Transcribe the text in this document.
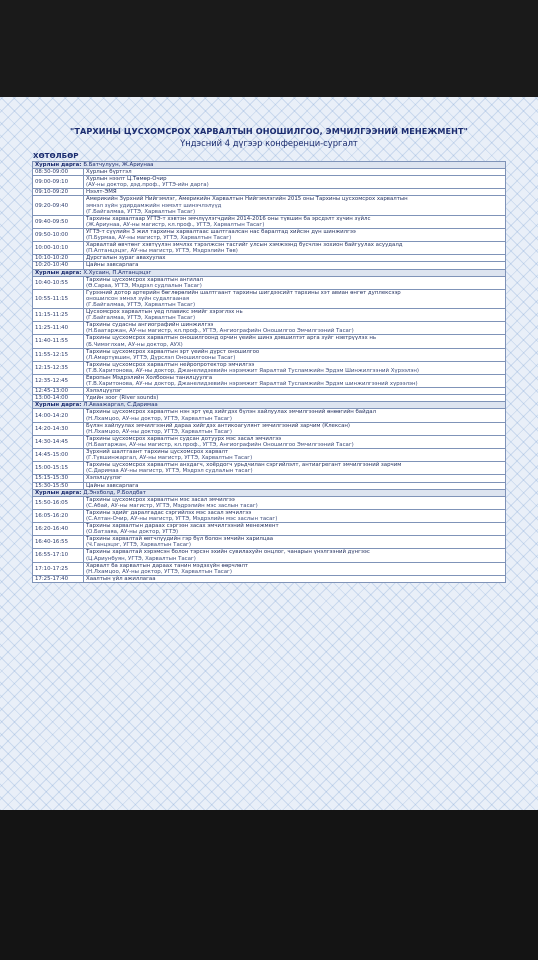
"ТАРХИНЫ ЦУСХОМСРОХ ХАРВАЛТЫН ОНОШИЛГОО, ЭМЧИЛГЭЭНИЙ МЕНЕЖМЕНТ"
Үндэсний 4 дүгээр конференци-сургалт
ХӨТӨЛБӨР
Хурлын дарга: Б.Батчулуун, Ж.Ариунаа	
08:30-09:00	Хурлын бүртгэл

09:00-09:10	Хурлын нээлт Ц.Төмөр-Очир
(АУ-ны доктор, дэд.проф., УГТЭ-ийн дарга)

09:10-09:20	Нээлт-ЭМЯ

09:20-09:40	Америкийн Зүрхний Нийгэмлэг, Америкийн Харвалтын Нийгэмлэгийн 2015 оны Тархины цусхомсрох харвалтын
эмнэл зүйн удирдамжийн нэмэлт шинэчлэлүүд
(Г.Байгалмаа, УГТЭ, Харвалтын Тасаг)

09:40-09:50	Тархины харвалтаар УГТЭ-т хэвтэн эмчлүүлэгчдийн 2014-2016 оны түвшин ба эрсдэлт хүчин зүйлс
(Ж.Ариунаа, АУ-ны магистр, кл.проф., УГТЭ, Харвалтын Тасаг)

09:50-10:00	УГТЭ-т сүүлийн 3 жил тархины харвалтаас шалтгаалсан нас баралтад хийсэн дүн шинжилгээ
(П.Бурмаа, АУ-ны магистр, УГТЭ, Харвалтын Тасаг)

10:00-10:10	Харвалтай өвчтөнг хэвтүүлэн эмчлэх тэрэлжсэн тасгийг улсын хэмжээнд бүсчлэн зохион байгуулах асуудалд
(П.Алтанцэцэг, АУ-ны магистр, УГТЭ, Мэдрэлийн Төв)

10:10-10:20	Дурсгалын зураг авахуулах

10:20-10:40	Цайны завсарлага

Хурлын дарга: Х.Хусаин, П.Алтанцэцэг	
10:40-10:55	Тархины цусхомсрох харвалтын ангилал
(Ө.Сараа, УГТЭ, Мэдрэл судлалын Тасаг)

10:55-11:15	Гүрээний дотор артерийн бөглөрөлийн шалтгаант тархины шигдээсийт тархины хэт авиан өнгөт дуплексээр
оношилсон эмнэл зүйн судалгааная
(Г.Байгалмаа, УГТЭ, Харвалтын Тасаг)

11:15-11:25	Цусхомсрох харвалтын үед плавикс эмийг хэрэглэх нь
(Г.Байгалмаа, УГТЭ, Харвалтын Тасаг)

11:25-11:40	Тархины судасны ангиографийн шинжилгээ
(Н.Баатаржан, АУ-ны магистр, кл.проф., УГТЭ, Ангиографийн Оношилгоо Эмчилгээний Тасаг)

11:40-11:55	Тархины цусхомсрох харвалтын оношилгоонд орчин үеийн шинэ дэвшилтэт арга зүйг нэвтрүүлэх нь
(Б.Чимэглхам, АУ-ны доктор, АУХ)

11:55-12:15	Тархины цусхомсрох харвалтын эрт үеийн дүрст оношилгоо
(Л.Амартүвшин, УГТЭ, Дүрслэл Оношилгооны Тасаг)

12:15-12:35	Тархины цусхомсрох харвалтын нейропротектор эмчилгээ
(Т.В.Харитонова, АУ-ны доктор, Джанелидзевийн нэрэмжит Яаралтай Тусламжийн Эрдэм Шинжилгээний Хүрээлэн)

12:35-12:45	Европын Мэдрэлийн Холбооны танилцуулга
(Т.В.Харитонова, АУ-ны доктор, Джанелидзевийн нэрэмжит Яаралтай Тусламжийн Эрдэм шинжилгээний хүрээлэн)

12:45-13:00	Хэлэлцүүлэг

13:00-14:00	Үдийн зоог (River sounds)

Хурлын дарга: Л.Аваажаргал, С.Даримаа	
14:00-14:20	Тархины цусхомсрох харвалтын нэн эрт үед хийгдэх бүлэн хайлуулах эмчилгээний өнөөгийн байдал
(Н.Лхамцоо, АУ-ны доктор, УГТЭ, Харвалтын Тасаг)

14:20-14:30	Бүлэн хайлуулах эмчилгээний дараа хийгдэх антикоагулянт эмчилгээний зарчим (Клексан)
(Н.Лхамцоо, АУ-ны доктор, УГТЭ, Харвалтын Тасаг)

14:30-14:45	Тархины цусхомсрох харвалтын судсан дотуурх мэс засал эмчилгээ
(Н.Баатаржан, АУ-ны магистр, кл.проф., УГТЭ, Ангиографийн Оношилгоо Эмчилгээний Тасаг)

14:45-15:00	Зүрхний шалтгаант тархины цусхомсрох харвалт
(Г.Түвшинжаргал, АУ-ны магистр, УГТЭ, Харвалтын Тасаг)

15:00-15:15	Тархины цусхомсрох харвалтын анхдагч, хоёрдогч урьдчилан сэргийлэлт, антиагрегант эмчилгээний зарчим
(С.Даримаа АУ-ны магистр, УГТЭ, Мэдрэл судлалын тасаг)

15:15-15:30	Хэлэлцүүлэг

15:30-15:50	Цайны завсарлага

Хурлын дарга: Д.Энхболд, Р.Болдбат	
15:50-16:05	Тархины цусхомсрох харвалтын мэс засал эмчилгээ
(С.Абай, АУ-ны магистр, УГТЭ, Мэдрэлийн мэс заслын тасаг)

16:05-16:20	Тархины эдийг даралгадас сэргийлэх мэс засал эмчилгээ
(С.Алтан-Очир, АУ-ны магистр, УГТЭ, Мэдрэлийн мэс заслын тасаг)

16:20-16:40	Тархины харвалтын дараах сэргээн засах эмчилгээний менежмент
(О.Батзаяа, АУ-ны доктор, УГТЭ)

16:40-16:55	Тархины харвалтай өвтчлүүдийн гэр бүл болон эмчийн харилцаа
(Ч.Ганцэцэг, УГТЭ, Харвалтын Тасаг)

16:55-17:10	Тархины харвалтай хэрэмсэн болон тэрсэн эхийн сувилахуйн онцлог, чанарын үнэлгээний дүнгээс
(Ц.Ариунбуян, УГТЭ, Харвалтын Тасаг)

17:10-17:25	Харвалт ба харвалтын дараах танин мэдэхүйн өөрчлөлт
(Н.Лхамцоо, АУ-ны доктор, УГТЭ, Харвалтын Тасаг)

17:25-17:40	Хаалтын үйл ажиллагаа
